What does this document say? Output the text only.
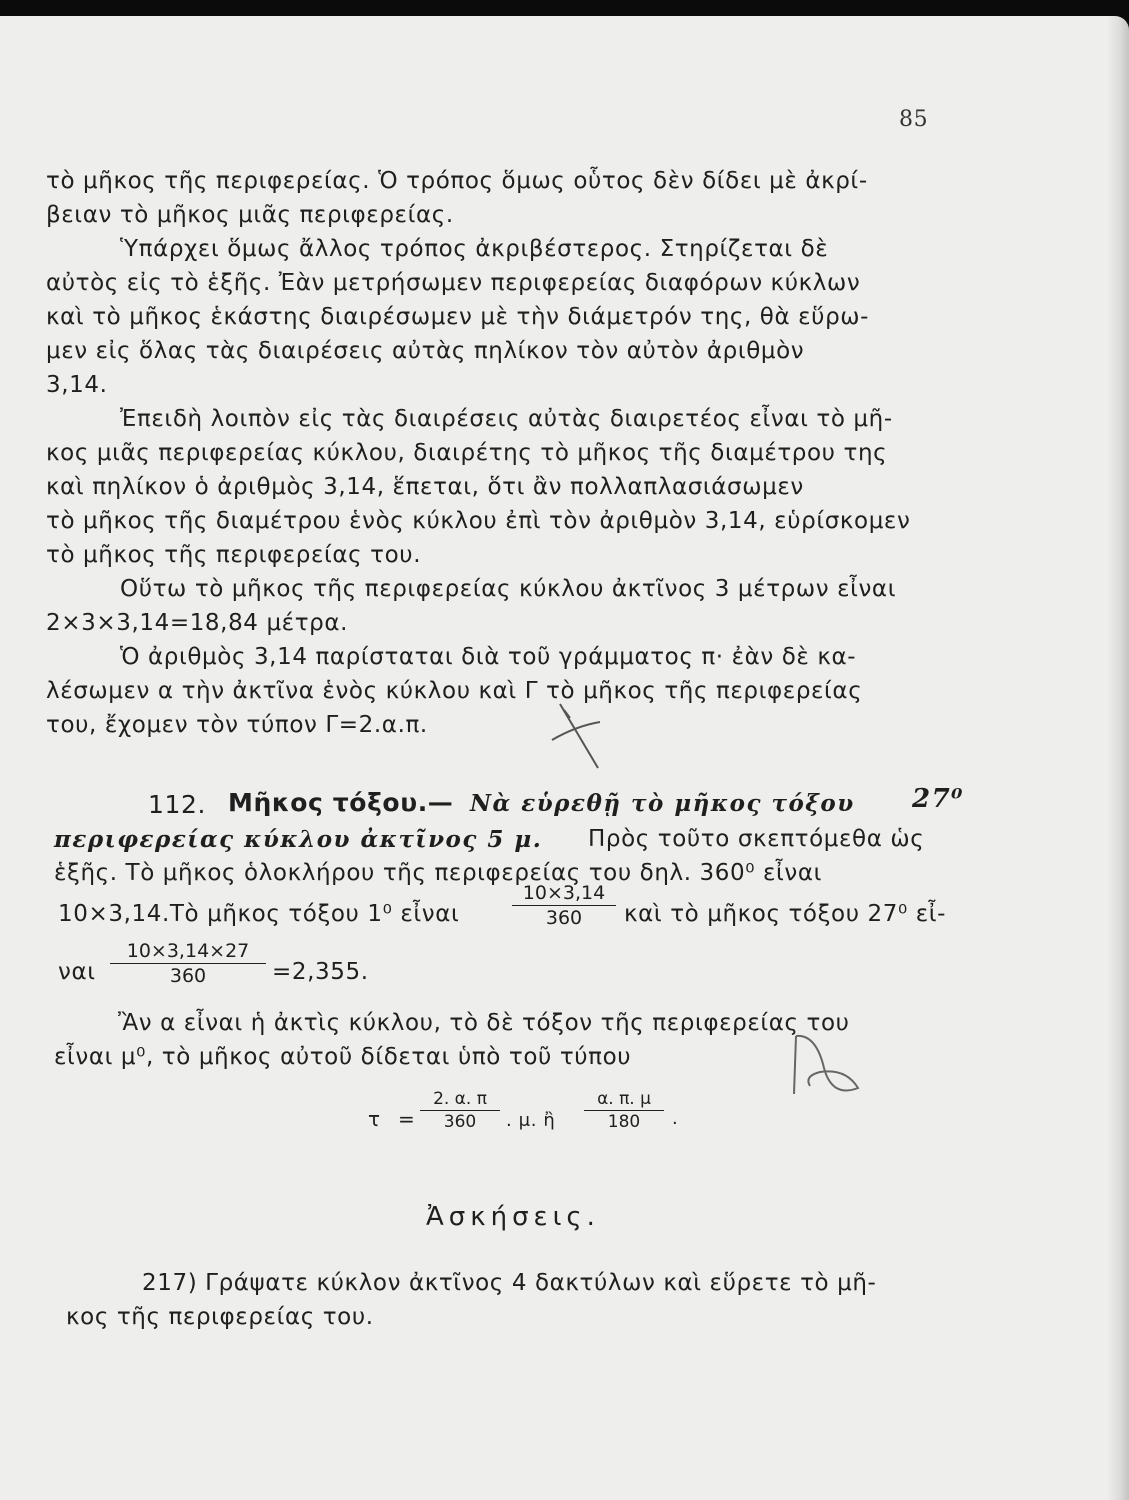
85
τὸ μῆκος τῆς περιφερείας. Ὁ τρόπος ὅμως οὗτος δὲν δίδει μὲ ἀκρί-
βειαν τὸ μῆκος μιᾶς περιφερείας.
Ὑπάρχει ὅμως ἄλλος τρόπος ἀκριβέστερος. Στηρίζεται δὲ
αὐτὸς εἰς τὸ ἑξῆς. Ἐὰν μετρήσωμεν περιφερείας διαφόρων κύκλων
καὶ τὸ μῆκος ἑκάστης διαιρέσωμεν μὲ τὴν διάμετρόν της, θὰ εὕρω-
μεν εἰς ὅλας τὰς διαιρέσεις αὐτὰς πηλίκον τὸν αὐτὸν ἀριθμὸν
3,14.
Ἐπειδὴ λοιπὸν εἰς τὰς διαιρέσεις αὐτὰς διαιρετέος εἶναι τὸ μῆ-
κος μιᾶς περιφερείας κύκλου, διαιρέτης τὸ μῆκος τῆς διαμέτρου της
καὶ πηλίκον ὁ ἀριθμὸς 3,14, ἕπεται, ὅτι ἂν πολλαπλασιάσωμεν
τὸ μῆκος τῆς διαμέτρου ἑνὸς κύκλου ἐπὶ τὸν ἀριθμὸν 3,14, εὑρίσκομεν
τὸ μῆκος τῆς περιφερείας του.
Οὕτω τὸ μῆκος τῆς περιφερείας κύκλου ἀκτῖνος 3 μέτρων εἶναι
2×3×3,14=18,84 μέτρα.
Ὁ ἀριθμὸς 3,14 παρίσταται διὰ τοῦ γράμματος π· ἐὰν δὲ κα-
λέσωμεν α τὴν ἀκτῖνα ἑνὸς κύκλου καὶ Γ τὸ μῆκος τῆς περιφερείας
του, ἔχομεν τὸν τύπον Γ=2.α.π.
112. Μῆκος τόξου.— Νὰ εὑρεθῇ τὸ μῆκος τόξου 27⁰
περιφερείας κύκλου ἀκτῖνος 5 μ. Πρὸς τοῦτο σκεπτόμεθα ὡς
ἑξῆς. Τὸ μῆκος ὁλοκλήρου τῆς περιφερείας του δηλ. 360⁰ εἶναι
10×3,14.Τὸ μῆκος τόξου 1⁰ εἶναι	$\frac{10\times 3,14}{360}$ καὶ τὸ μῆκος τόξου 27⁰ εἶ-
ναι $\frac{10\times 3,14\times 27}{360} =2,355$.
Ἂν α εἶναι ἡ ἀκτὶς κύκλου, τὸ δὲ τόξον τῆς περιφερείας του
εἶναι μ⁰, τὸ μῆκος αὐτοῦ δίδεται ὑπὸ τοῦ τύπου
$\tau = \frac{2. \alpha. \pi}{360}$ . μ. ἢ $\frac{\alpha. \pi. \mu}{180}$ .
Ἀσκήσεις.
217) Γράψατε κύκλον ἀκτῖνος 4 δακτύλων καὶ εὕρετε τὸ μῆ-
κος τῆς περιφερείας του.
